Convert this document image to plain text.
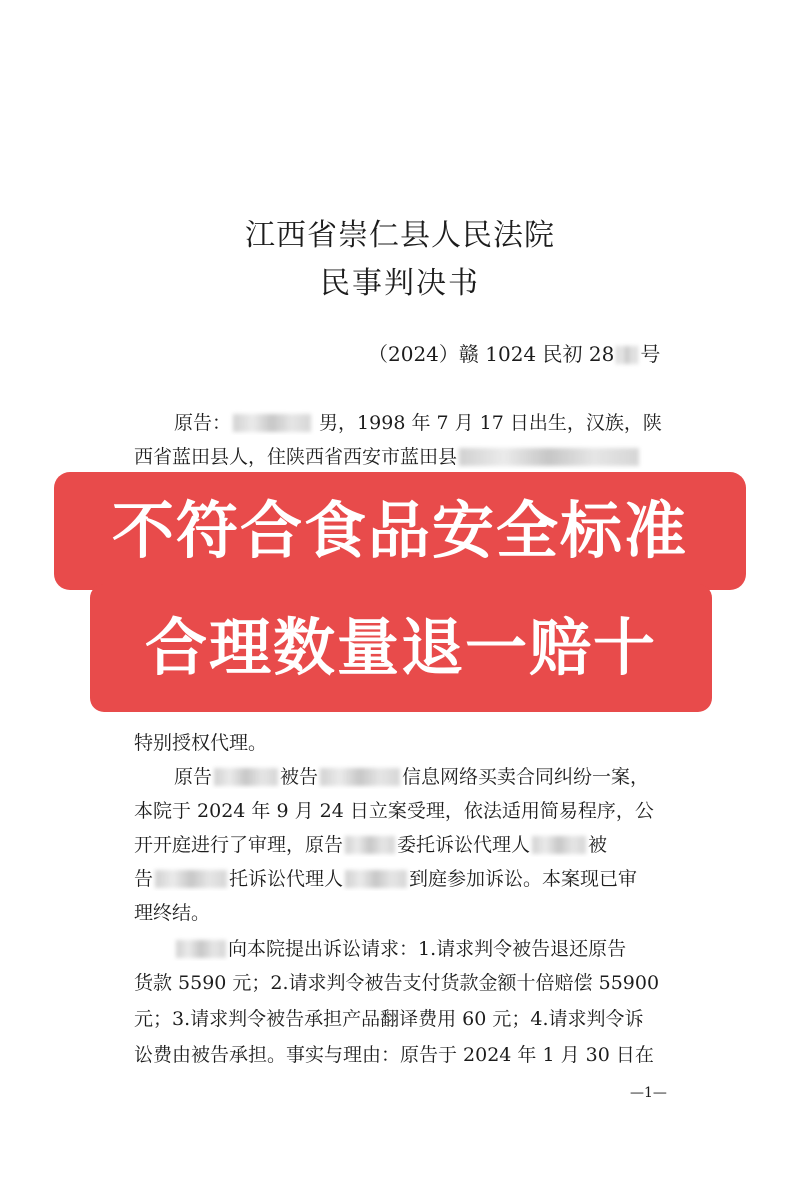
江西省崇仁县人民法院
民事判决书
（2024）赣 1024 民初 28 号
原告：	男，1998 年 7 月 17 日出生，汉族，陕
西省蓝田县人，住陕西省西安市蓝田县
特别授权代理。
原告	被告	信息网络买卖合同纠纷一案，
本院于 2024 年 9 月 24 日立案受理，依法适用简易程序，公
开开庭进行了审理，原告	委托诉讼代理人	被
告	托诉讼代理人	到庭参加诉讼。本案现已审
理终结。
向本院提出诉讼请求：1.请求判令被告退还原告
货款 5590 元；2.请求判令被告支付货款金额十倍赔偿 55900
元；3.请求判令被告承担产品翻译费用 60 元；4.请求判令诉
讼费由被告承担。事实与理由：原告于 2024 年 1 月 30 日在
—1—
不符合食品安全标准
合理数量退一赔十
